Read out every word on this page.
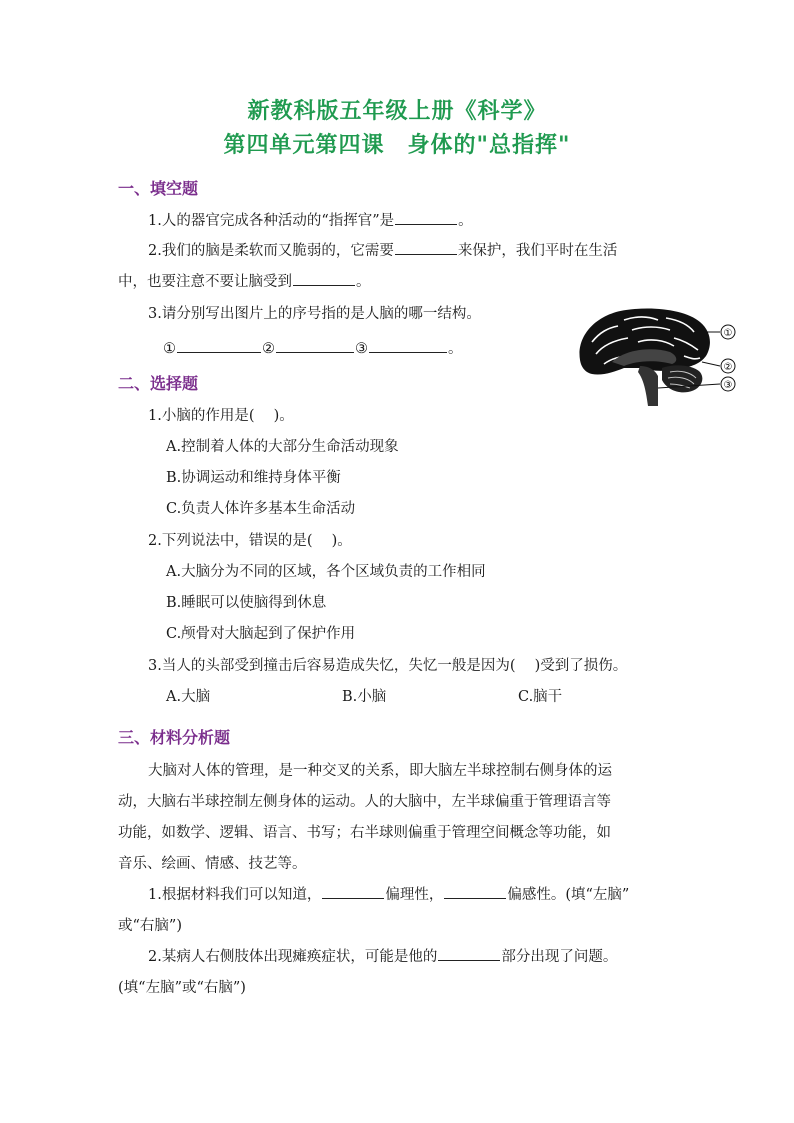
新教科版五年级上册《科学》
第四单元第四课　身体的"总指挥"
一、填空题
1.人的器官完成各种活动的“指挥官”是	。
2.我们的脑是柔软而又脆弱的，它需要	来保护，我们平时在生活
中，也要注意不要让脑受到	。
3.请分别写出图片上的序号指的是人脑的哪一结构。
①	②	③	。
①
②
③
二、选择题
1.小脑的作用是(　 )。
A.控制着人体的大部分生命活动现象
B.协调运动和维持身体平衡
C.负责人体许多基本生命活动
2.下列说法中，错误的是(　 )。
A.大脑分为不同的区域，各个区域负责的工作相同
B.睡眠可以使脑得到休息
C.颅骨对大脑起到了保护作用
3.当人的头部受到撞击后容易造成失忆，失忆一般是因为(　 )受到了损伤。
A.大脑	B.小脑	C.脑干
三、材料分析题
大脑对人体的管理，是一种交叉的关系，即大脑左半球控制右侧身体的运
动，大脑右半球控制左侧身体的运动。人的大脑中，左半球偏重于管理语言等
功能，如数学、逻辑、语言、书写；右半球则偏重于管理空间概念等功能，如
音乐、绘画、情感、技艺等。
1.根据材料我们可以知道，	偏理性，	偏感性。(填“左脑”
或“右脑”)
2.某病人右侧肢体出现瘫痪症状，可能是他的	部分出现了问题。
(填“左脑”或“右脑”)
